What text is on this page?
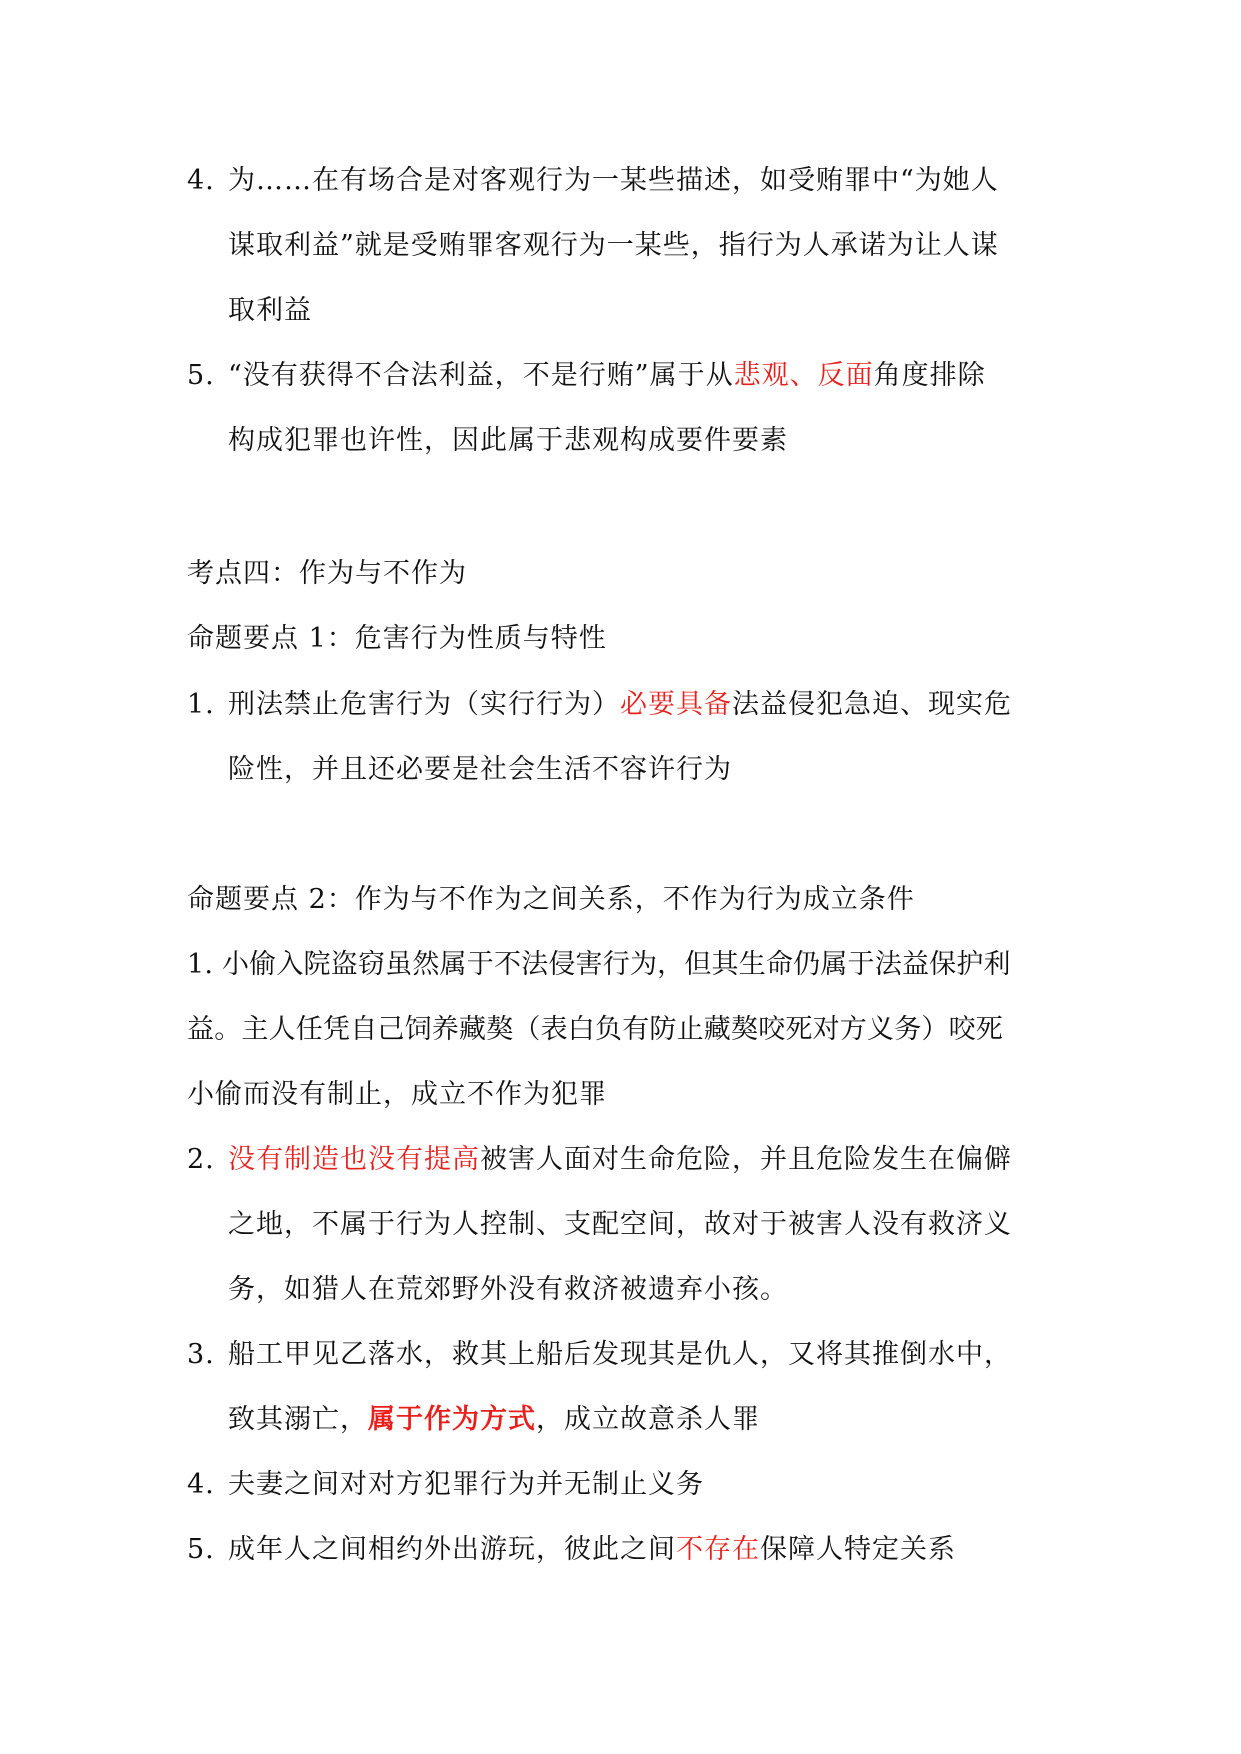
4. 为……在有场合是对客观行为一某些描述，如受贿罪中“为她人
谋取利益”就是受贿罪客观行为一某些，指行为人承诺为让人谋
取利益
5. “没有获得不合法利益，不是行贿”属于从悲观、反面角度排除
构成犯罪也许性，因此属于悲观构成要件要素
考点四：作为与不作为
命题要点 1：危害行为性质与特性
1. 刑法禁止危害行为（实行行为）必要具备法益侵犯急迫、现实危
险性，并且还必要是社会生活不容许行为
命题要点 2：作为与不作为之间关系，不作为行为成立条件
1. 小偷入院盗窃虽然属于不法侵害行为，但其生命仍属于法益保护利
益。主人任凭自己饲养藏獒（表白负有防止藏獒咬死对方义务）咬死
小偷而没有制止，成立不作为犯罪
2. 没有制造也没有提高被害人面对生命危险，并且危险发生在偏僻
之地，不属于行为人控制、支配空间，故对于被害人没有救济义
务，如猎人在荒郊野外没有救济被遗弃小孩。
3. 船工甲见乙落水，救其上船后发现其是仇人，又将其推倒水中，
致其溺亡，属于作为方式，成立故意杀人罪
4. 夫妻之间对对方犯罪行为并无制止义务
5. 成年人之间相约外出游玩，彼此之间不存在保障人特定关系
